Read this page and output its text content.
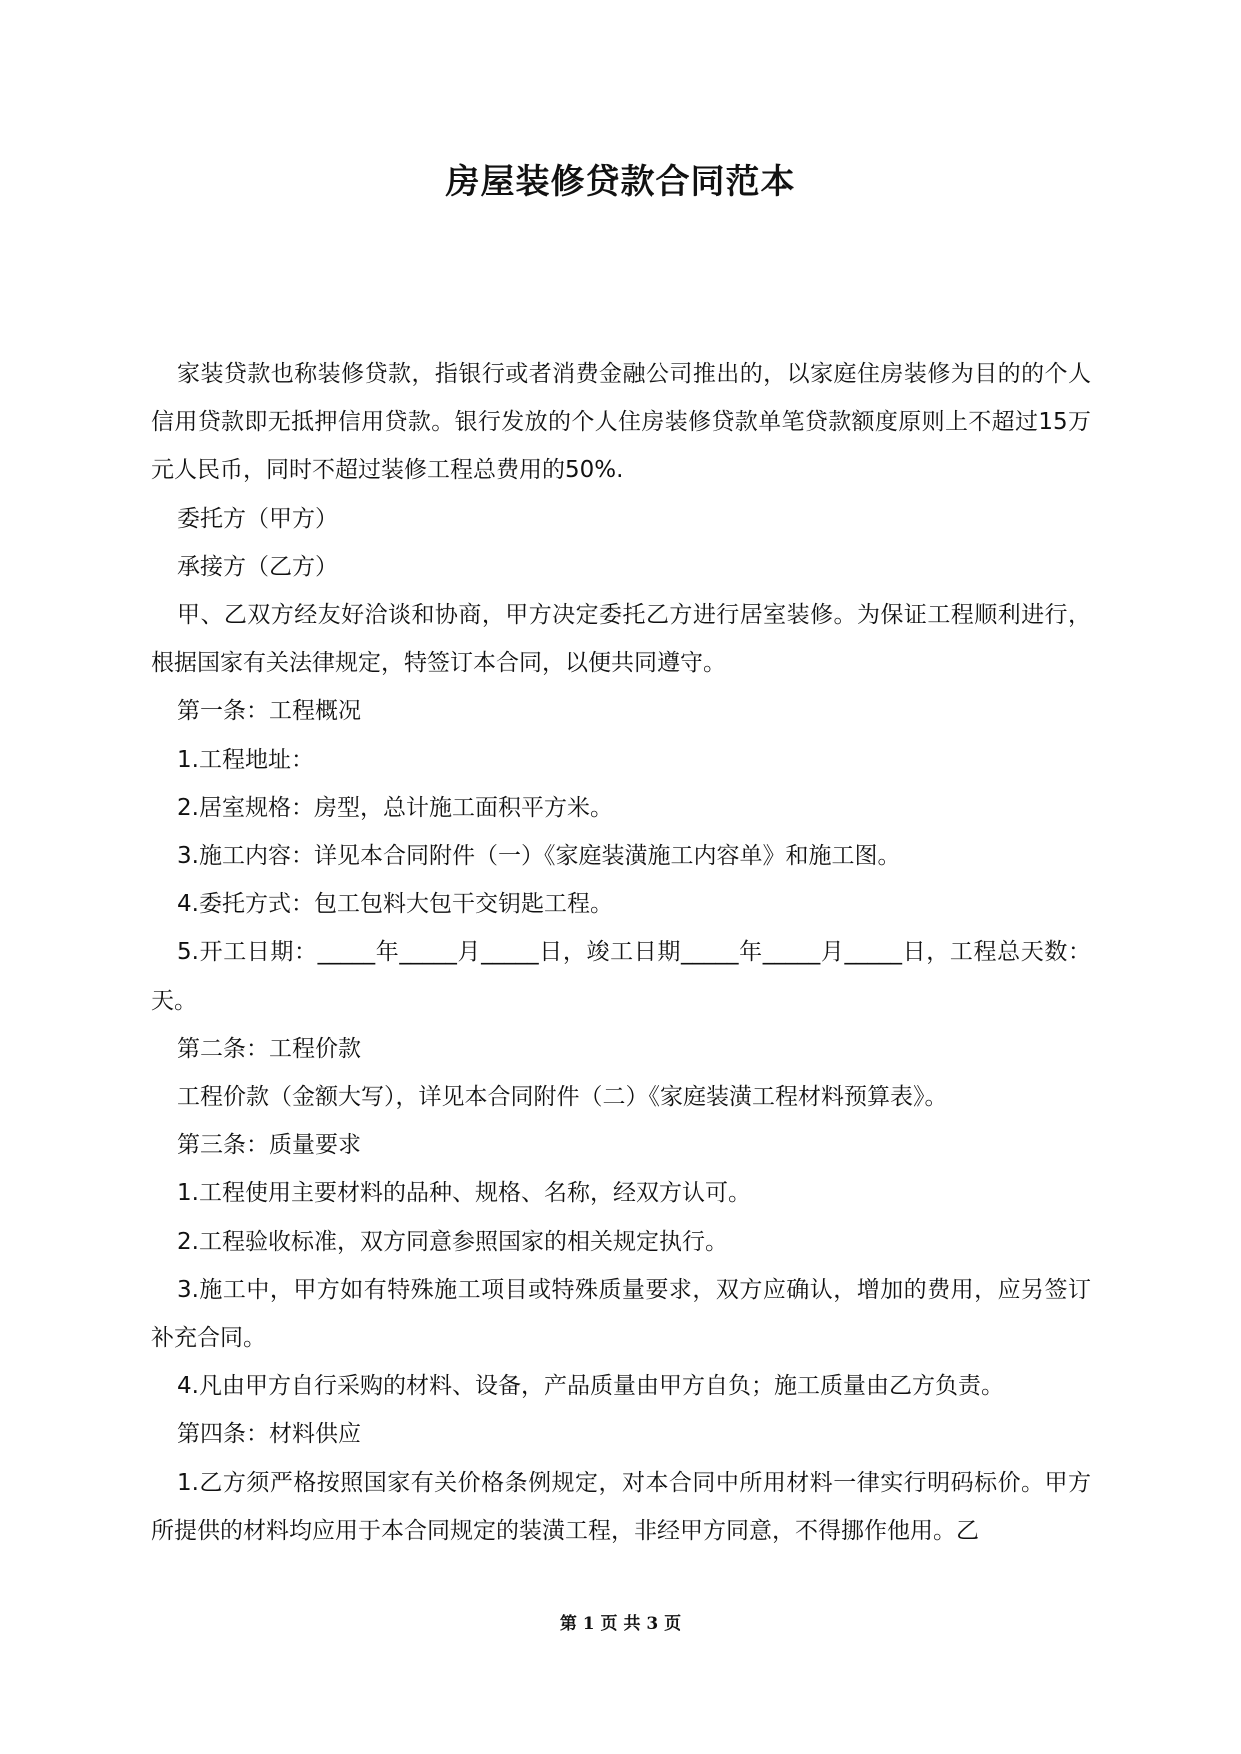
房屋装修贷款合同范本

家装贷款也称装修贷款，指银行或者消费金融公司推出的，以家庭住房装修为目的的个人信用贷款即无抵押信用贷款。银行发放的个人住房装修贷款单笔贷款额度原则上不超过15万元人民币，同时不超过装修工程总费用的50%.

委托方（甲方）

承接方（乙方）

甲、乙双方经友好洽谈和协商，甲方决定委托乙方进行居室装修。为保证工程顺利进行，根据国家有关法律规定，特签订本合同，以便共同遵守。

第一条：工程概况

1.工程地址：

2.居室规格：房型，总计施工面积平方米。

3.施工内容：详见本合同附件（一）《家庭装潢施工内容单》和施工图。

4.委托方式：包工包料大包干交钥匙工程。

5.开工日期：_____年_____月_____日，竣工日期_____年_____月_____日，工程总天数：天。

第二条：工程价款

工程价款（金额大写），详见本合同附件（二）《家庭装潢工程材料预算表》。

第三条：质量要求

1.工程使用主要材料的品种、规格、名称，经双方认可。

2.工程验收标准，双方同意参照国家的相关规定执行。

3.施工中，甲方如有特殊施工项目或特殊质量要求，双方应确认，增加的费用，应另签订补充合同。

4.凡由甲方自行采购的材料、设备，产品质量由甲方自负；施工质量由乙方负责。

第四条：材料供应

1.乙方须严格按照国家有关价格条例规定，对本合同中所用材料一律实行明码标价。甲方所提供的材料均应用于本合同规定的装潢工程，非经甲方同意，不得挪作他用。乙

第 1 页 共 3 页
